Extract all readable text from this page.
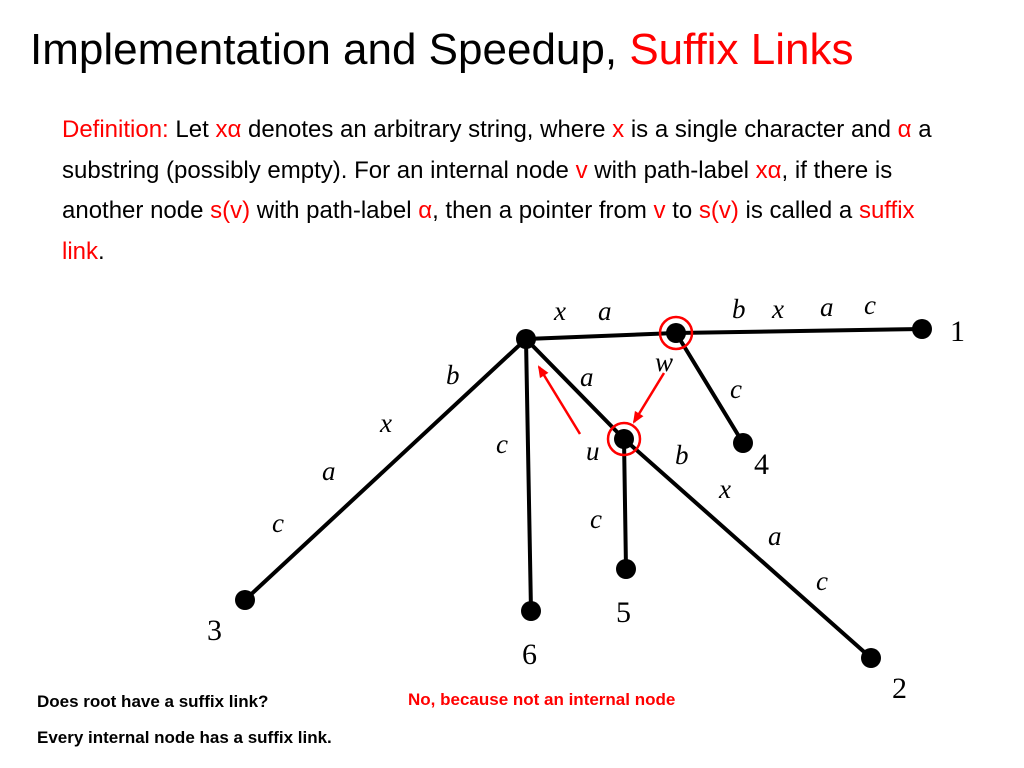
Implementation and Speedup, Suffix Links

Definition: Let xα denotes an arbitrary string, where x is a single character and α a substring (possibly empty). For an internal node v with path-label xα, if there is another node s(v) with path-label α, then a pointer from v to s(v) is called a suffix link.

x a	b x a c
c
a
b
x
a
c
c
c
b
x
a
c
w
u
1
2
3
4
5
6
Does root have a suffix link?	No, because not an internal node
Every internal node has a suffix link.
